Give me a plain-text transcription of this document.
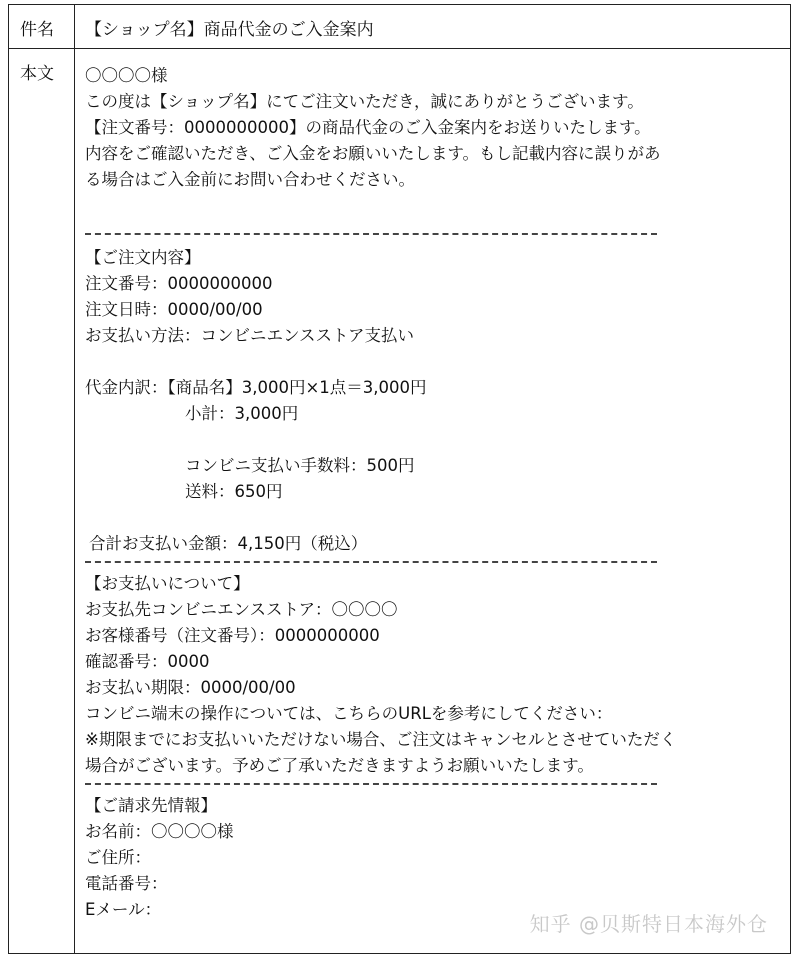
件名	【ショップ名】商品代金のご入金案内
本文	〇〇〇〇様
この度は【ショップ名】にてご注文いただき，誠にありがとうございます。
【注文番号：0000000000】の商品代金のご入金案内をお送りいたします。
内容をご確認いただき、ご入金をお願いいたします。もし記載内容に誤りがあ
る場合はご入金前にお問い合わせください。
【ご注文内容】
注文番号：0000000000
注文日時：0000/00/00
お支払い方法：コンビニエンスストア支払い
代金内訳：【商品名】3,000円×1点＝3,000円
小計：3,000円
コンビニ支払い手数料：500円
送料：650円
合計お支払い金額：4,150円（税込）
【お支払いについて】
お支払先コンビニエンスストア：〇〇〇〇
お客様番号（注文番号）：0000000000
確認番号：0000
お支払い期限：0000/00/00
コンビニ端末の操作については、こちらのURLを参考にしてください：
※期限までにお支払いいただけない場合、ご注文はキャンセルとさせていただく
場合がございます。予めご了承いただきますようお願いいたします。
【ご請求先情報】
お名前：〇〇〇〇様
ご住所：
電話番号：
Eメール：
知乎 @贝斯特日本海外仓
